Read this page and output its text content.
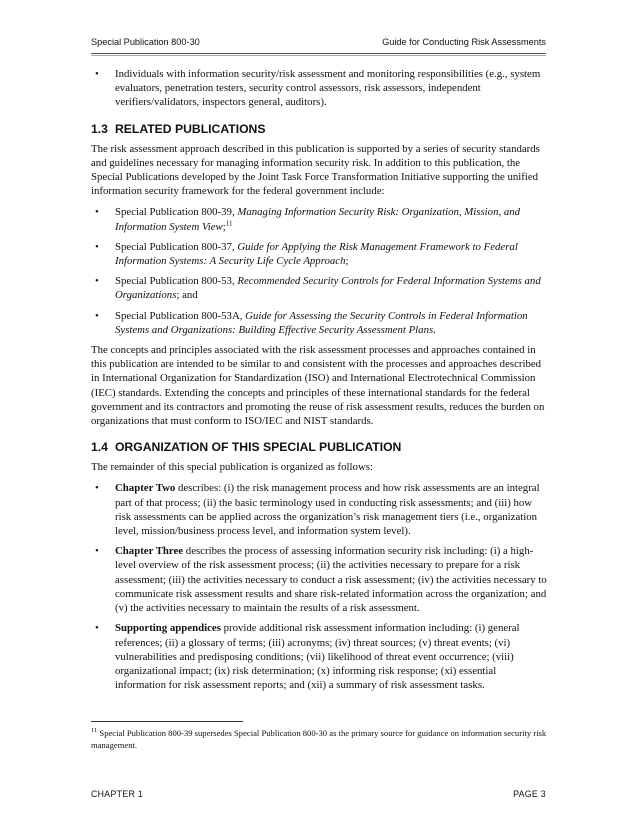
Special Publication 800-30	Guide for Conducting Risk Assessments
• Individuals with information security/risk assessment and monitoring responsibilities (e.g., system evaluators, penetration testers, security control assessors, risk assessors, independent verifiers/validators, inspectors general, auditors).
1.3 RELATED PUBLICATIONS

The risk assessment approach described in this publication is supported by a series of security standards and guidelines necessary for managing information security risk. In addition to this publication, the Special Publications developed by the Joint Task Force Transformation Initiative supporting the unified information security framework for the federal government include:

• Special Publication 800-39, Managing Information Security Risk: Organization, Mission, and Information System View;$^{11}$
• Special Publication 800-37, Guide for Applying the Risk Management Framework to Federal Information Systems: A Security Life Cycle Approach;
• Special Publication 800-53, Recommended Security Controls for Federal Information Systems and Organizations; and
• Special Publication 800-53A, Guide for Assessing the Security Controls in Federal Information Systems and Organizations: Building Effective Security Assessment Plans.

The concepts and principles associated with the risk assessment processes and approaches contained in this publication are intended to be similar to and consistent with the processes and approaches described in International Organization for Standardization (ISO) and International Electrotechnical Commission (IEC) standards. Extending the concepts and principles of these international standards for the federal government and its contractors and promoting the reuse of risk assessment results, reduces the burden on organizations that must conform to ISO/IEC and NIST standards.

1.4 ORGANIZATION OF THIS SPECIAL PUBLICATION

The remainder of this special publication is organized as follows:

• Chapter Two describes: (i) the risk management process and how risk assessments are an integral part of that process; (ii) the basic terminology used in conducting risk assessments; and (iii) how risk assessments can be applied across the organization’s risk management tiers (i.e., organization level, mission/business process level, and information system level).
• Chapter Three describes the process of assessing information security risk including: (i) a high-level overview of the risk assessment process; (ii) the activities necessary to prepare for a risk assessment; (iii) the activities necessary to conduct a risk assessment; (iv) the activities necessary to communicate risk assessment results and share risk-related information across the organization; and (v) the activities necessary to maintain the results of a risk assessment.
• Supporting appendices provide additional risk assessment information including: (i) general references; (ii) a glossary of terms; (iii) acronyms; (iv) threat sources; (v) threat events; (vi) vulnerabilities and predisposing conditions; (vii) likelihood of threat event occurrence; (viii) organizational impact; (ix) risk determination; (x) informing risk response; (xi) essential information for risk assessment reports; and (xii) a summary of risk assessment tasks.
$^{11}$ Special Publication 800-39 supersedes Special Publication 800-30 as the primary source for guidance on information security risk management.
CHAPTER 1	PAGE 3
